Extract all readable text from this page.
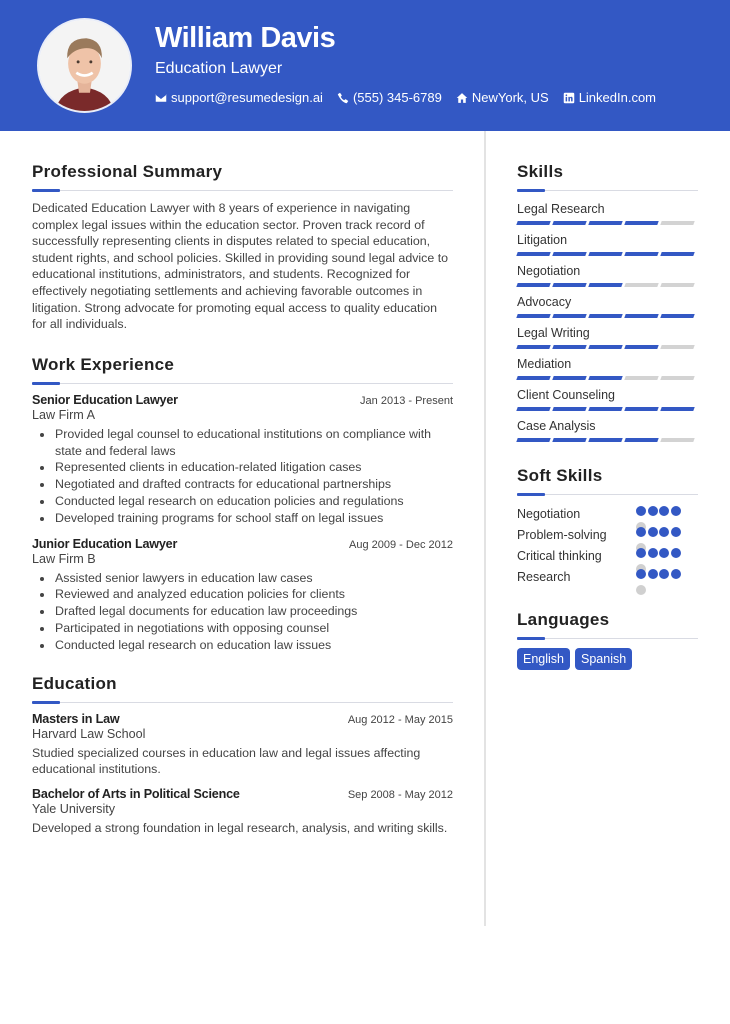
William Davis
Education Lawyer
support@resumedesign.ai (555) 345-6789 NewYork, US LinkedIn.com
Professional Summary
Dedicated Education Lawyer with 8 years of experience in navigating complex legal issues within the education sector. Proven track record of successfully representing clients in disputes related to special education, student rights, and school policies. Skilled in providing sound legal advice to educational institutions, administrators, and students. Recognized for effectively negotiating settlements and achieving favorable outcomes in litigation. Strong advocate for promoting equal access to quality education for all individuals.
Work Experience
Senior Education Lawyer	Jan 2013 - Present
Law Firm A
Provided legal counsel to educational institutions on compliance with state and federal laws
Represented clients in education-related litigation cases
Negotiated and drafted contracts for educational partnerships
Conducted legal research on education policies and regulations
Developed training programs for school staff on legal issues
Junior Education Lawyer	Aug 2009 - Dec 2012
Law Firm B
Assisted senior lawyers in education law cases
Reviewed and analyzed education policies for clients
Drafted legal documents for education law proceedings
Participated in negotiations with opposing counsel
Conducted legal research on education law issues
Education
Masters in Law	Aug 2012 - May 2015
Harvard Law School
Studied specialized courses in education law and legal issues affecting educational institutions.
Bachelor of Arts in Political Science	Sep 2008 - May 2012
Yale University
Developed a strong foundation in legal research, analysis, and writing skills.
Skills
Legal Research
Litigation
Negotiation
Advocacy
Legal Writing
Mediation
Client Counseling
Case Analysis
Soft Skills
Negotiation
Problem-solving
Critical thinking
Research
Languages
English	Spanish
